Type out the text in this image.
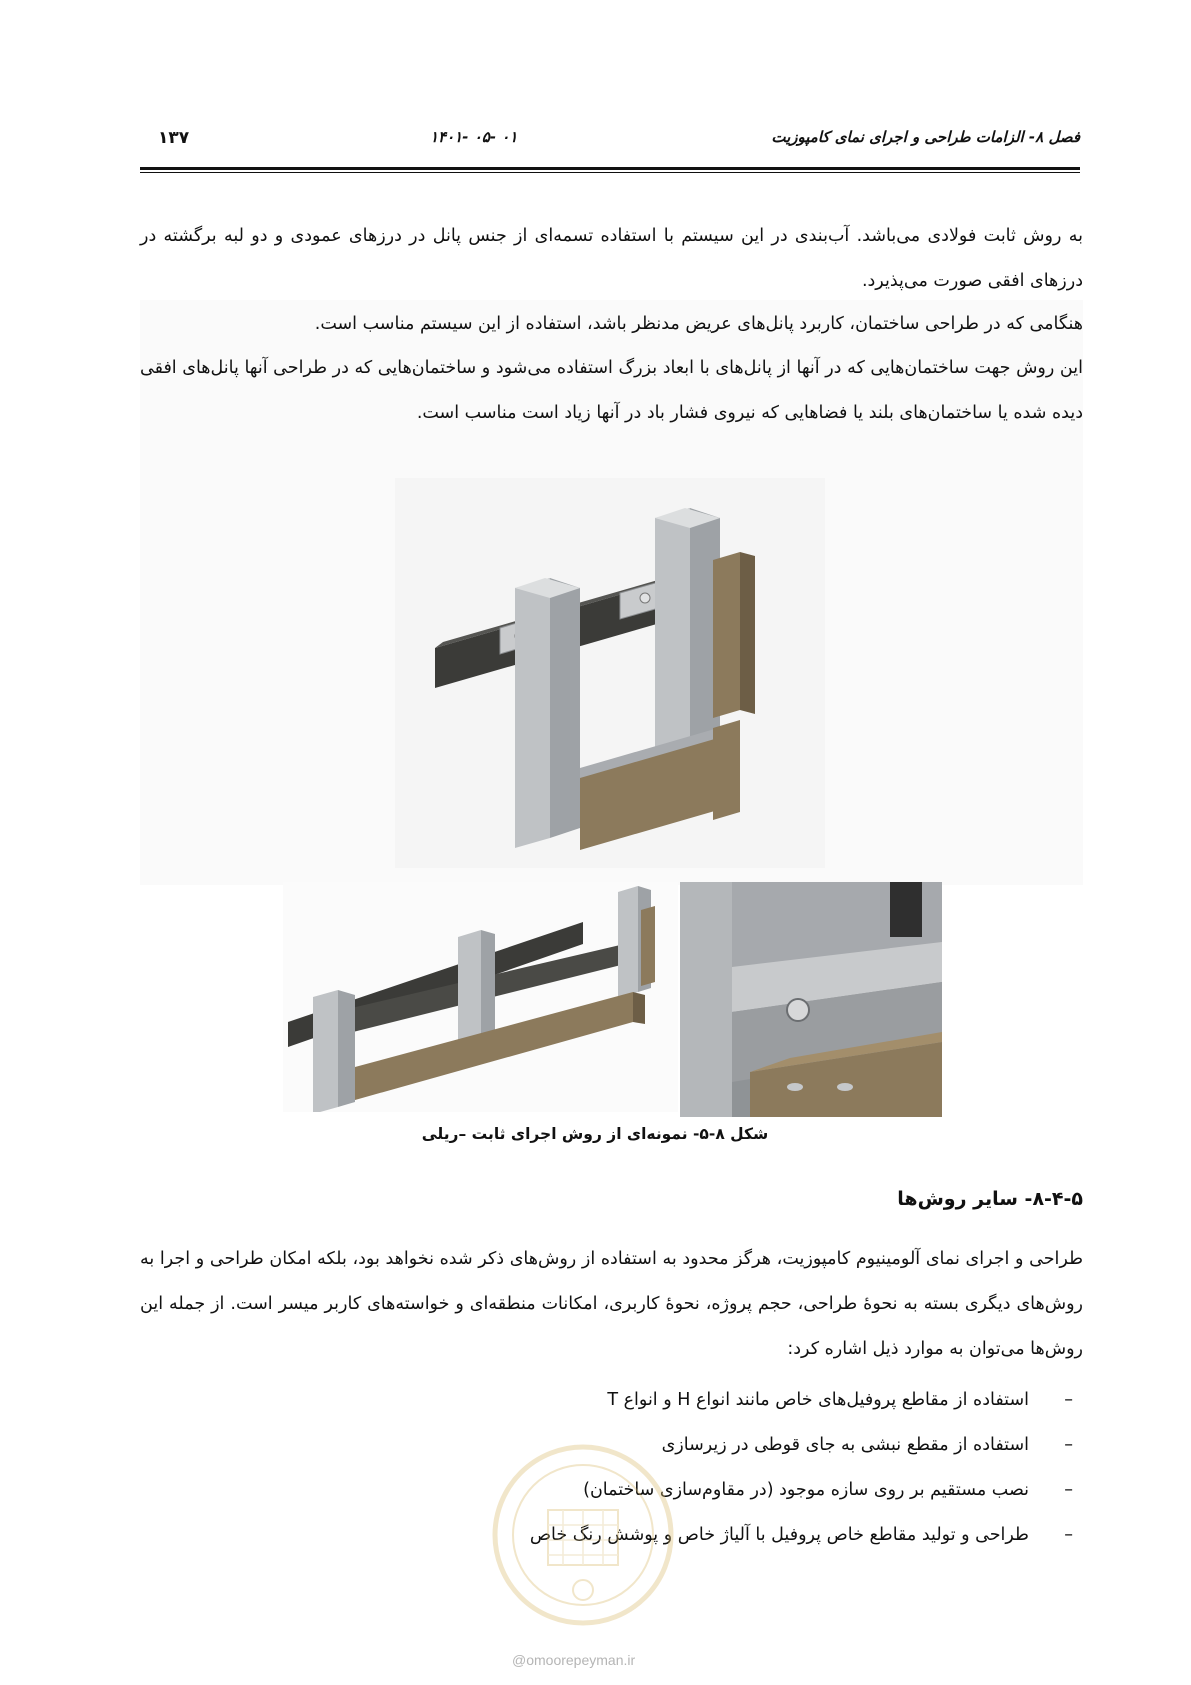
فصل ۸- الزامات طراحی و اجرای نمای کامپوزیت
۰۱ -۰۵ -۱۴۰۱
۱۳۷

به روش ثابت فولادی می‌باشد. آب‌بندی در این سیستم با استفاده تسمه‌ای از جنس پانل در درزهای عمودی و دو لبه برگشته در درزهای افقی صورت می‌پذیرد.

هنگامی که در طراحی ساختمان، کاربرد پانل‌های عریض مدنظر باشد، استفاده از این سیستم مناسب است.

این روش جهت ساختمان‌هایی که در آنها از پانل‌های با ابعاد بزرگ استفاده می‌شود و ساختمان‌هایی که در طراحی آنها پانل‌های افقی دیده شده یا ساختمان‌های بلند یا فضاهایی که نیروی فشار باد در آنها زیاد است مناسب است.

شکل ۸-۵- نمونه‌ای از روش اجرای ثابت –ریلی
۸-۴-۵- سایر روش‌ها

طراحی و اجرای نمای آلومینیوم کامپوزیت، هرگز محدود به استفاده از روش‌های ذکر شده نخواهد بود، بلکه امکان طراحی و اجرا به روش‌های دیگری بسته به نحوۀ طراحی، حجم پروژه، نحوۀ کاربری، امکانات منطقه‌ای و خواسته‌های کاربر میسر است. از جمله این روش‌ها می‌توان به موارد ذیل اشاره کرد:

– استفاده از مقاطع پروفیل‌های خاص مانند انواع H و انواع T
– استفاده از مقطع نبشی به جای قوطی در زیرسازی
– نصب مستقیم بر روی سازه موجود (در مقاوم‌سازی ساختمان)
– طراحی و تولید مقاطع خاص پروفیل با آلیاژ خاص و پوشش رنگ خاص
@omoorepeyman.ir
